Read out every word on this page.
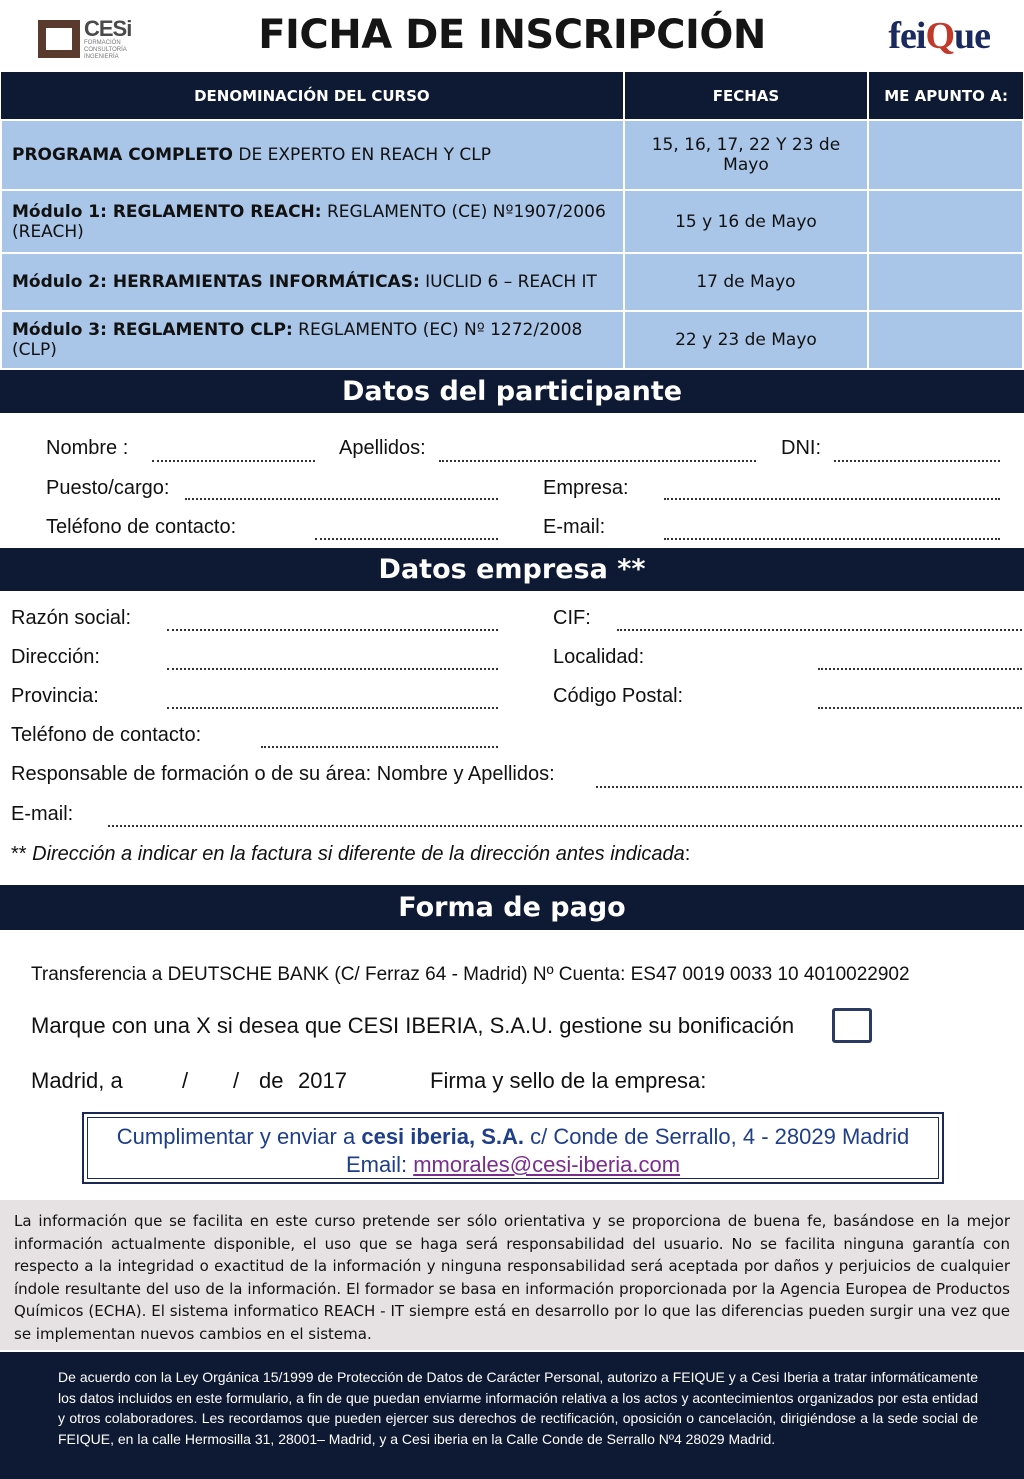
CESi
FORMACIÓN CONSULTORÍA INGENIERÍA	FICHA DE INSCRIPCIÓN	feiQue
DENOMINACIÓN DEL CURSO	FECHAS	ME APUNTO A:
PROGRAMA COMPLETO DE EXPERTO EN REACH Y CLP	15, 16, 17, 22 Y 23 de Mayo	
Módulo 1: REGLAMENTO REACH: REGLAMENTO (CE) Nº1907/2006 (REACH)	15 y 16 de Mayo	
Módulo 2: HERRAMIENTAS INFORMÁTICAS: IUCLID 6 – REACH IT	17 de Mayo	
Módulo 3: REGLAMENTO CLP: REGLAMENTO (EC) Nº 1272/2008 (CLP)	22 y 23 de Mayo	
Datos del participante
Nombre :	Apellidos:	DNI:
Puesto/cargo:	Empresa:
Teléfono de contacto:	E-mail:
Datos empresa **
Razón social:	CIF:
Dirección:	Localidad:
Provincia:	Código Postal:
Teléfono de contacto:
Responsable de formación o de su área: Nombre y Apellidos:
E-mail:
** Dirección a indicar en la factura si diferente de la dirección antes indicada:
Forma de pago
Transferencia a DEUTSCHE BANK (C/ Ferraz 64 - Madrid) Nº Cuenta: ES47 0019 0033 10 4010022902
Marque con una X si desea que CESI IBERIA, S.A.U. gestione su bonificación
Madrid, a	/ / de 2017	Firma y sello de la empresa:
Cumplimentar y enviar a cesi iberia, S.A. c/ Conde de Serrallo, 4 - 28029 Madrid
Email: mmorales@cesi-iberia.com
La información que se facilita en este curso pretende ser sólo orientativa y se proporciona de buena fe, basándose en la mejor información actualmente disponible, el uso que se haga será responsabilidad del usuario. No se facilita ninguna garantía con respecto a la integridad o exactitud de la información y ninguna responsabilidad será aceptada por daños y perjuicios de cualquier índole resultante del uso de la información. El formador se basa en información proporcionada por la Agencia Europea de Productos Químicos (ECHA). El sistema informatico REACH - IT siempre está en desarrollo por lo que las diferencias pueden surgir una vez que se implementan nuevos cambios en el sistema.
De acuerdo con la Ley Orgánica 15/1999 de Protección de Datos de Carácter Personal, autorizo a FEIQUE y a Cesi Iberia a tratar informáticamente los datos incluidos en este formulario, a fin de que puedan enviarme información relativa a los actos y acontecimientos organizados por esta entidad y otros colaboradores. Les recordamos que pueden ejercer sus derechos de rectificación, oposición o cancelación, dirigiéndose a la sede social de FEIQUE, en la calle Hermosilla 31, 28001– Madrid, y a Cesi iberia en la Calle Conde de Serrallo Nº4 28029 Madrid.
